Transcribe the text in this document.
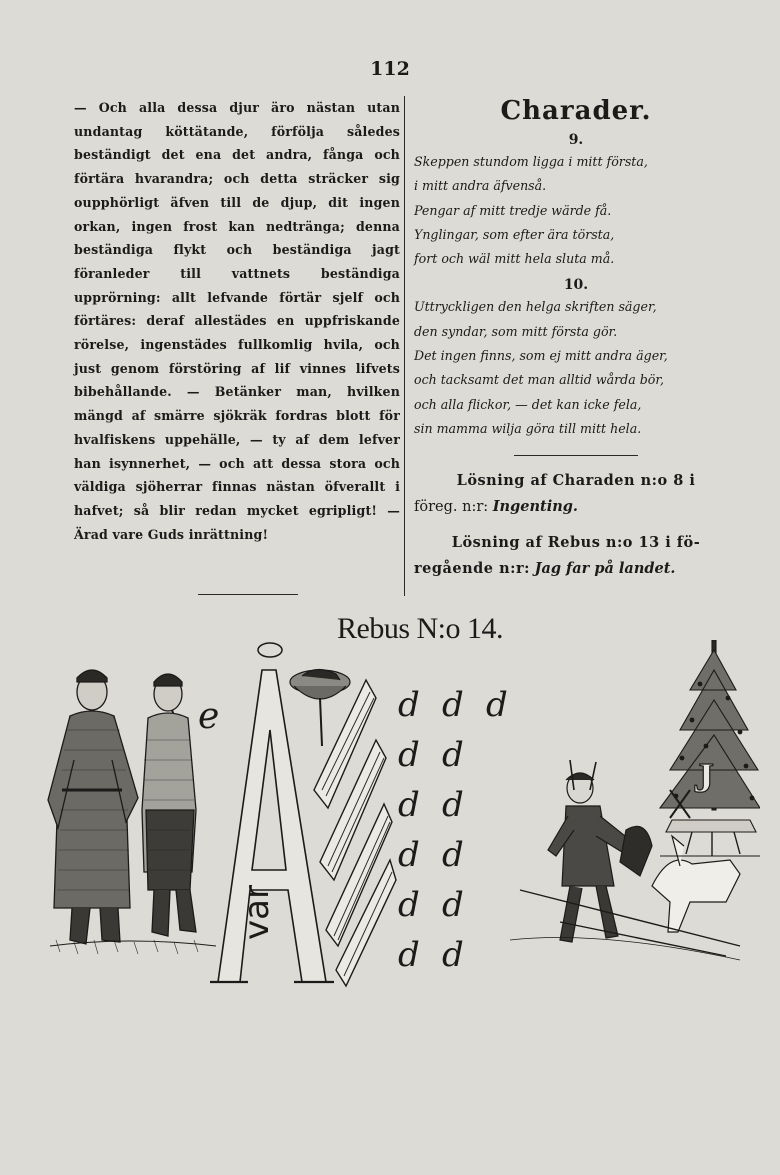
112
— Och alla dessa djur äro nästan utan undantag köttätande, förfölja således beständigt det ena det andra, fånga och förtära hvarandra; och detta sträcker sig oupphörligt äfven till de djup, dit ingen orkan, ingen frost kan nedtränga; denna beständiga flykt och beständiga jagt föranleder till vattnets beständiga upprörning: allt lefvande förtär sjelf och förtäres: deraf allestädes en uppfriskande rörelse, ingenstädes fullkomlig hvila, och just genom förstöring af lif vinnes lifvets bibehållande. — Betänker man, hvilken mängd af smärre sjökräk fordras blott för hvalfiskens uppehälle, — ty af dem lefver han isynnerhet, — och att dessa stora och väldiga sjöherrar finnas nästan öfverallt i hafvet; så blir redan mycket egripligt! — Ärad vare Guds inrättning!
Charader.
9.
Skeppen stundom ligga i mitt första,
i mitt andra äfvenså.
Pengar af mitt tredje wärde få.
Ynglingar, som efter ära törsta,
fort och wäl mitt hela sluta må.
10.
Uttryckligen den helga skriften säger,
den syndar, som mitt första gör.
Det ingen finns, som ej mitt andra äger,
och tacksamt det man alltid wårda bör,
och alla flickor, — det kan icke fela,
sin mamma wilja göra till mitt hela.
Lösning af Charaden n:o 8 i
föreg. n:r: Ingenting.
Lösning af Rebus n:o 13 i fö-
regående n:r: Jag far på landet.
Rebus N:o 14.
e
var
d d d
d d
d d
d d
d d
d d
J
